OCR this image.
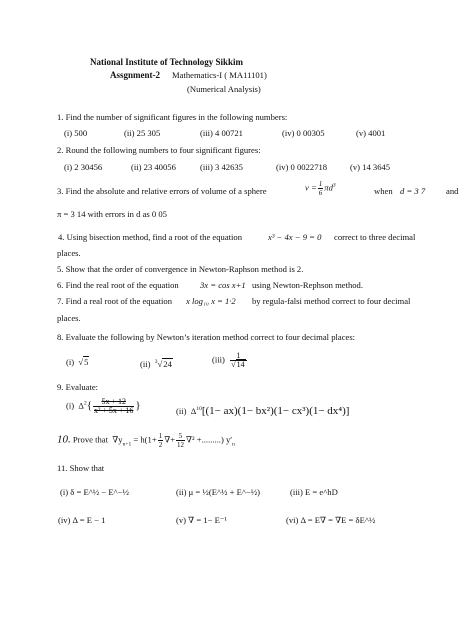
National Institute of Technology Sikkim
Assgnment-2 Mathematics-I ( MA11101)
(Numerical Analysis)
1. Find the number of significant figures in the following numbers:
(i) 500	(ii) 25 305	(iii) 4 00721	(iv) 0 00305	(v) 4001
2. Round the following numbers to four significant figures:
(i) 2 30456	(ii) 23 40056	(iii) 3 42635	(iv) 0 0022718	(v) 14 3645
3. Find the absolute and relative errors of volume of a sphere	$v = \frac{1}{6} \pi d^3$
when d = 3 7 and
π = 3 14 with errors in d as 0 05
4. Using bisection method, find a root of the equation	x³ − 4x − 9 = 0 correct to three decimal
places.
5. Show that the order of convergence in Newton-Raphson method is 2.
6. Find the real root of the equation 3x = cos x+1 using Newton-Rephson method.
7. Find a real root of the equation x log₁₀ x = 1·2 by regula-falsi method correct to four decimal
places.
8. Evaluate the following by Newton’s iteration method correct to four decimal places:
(i)  √5	(ii) $^3$√24	$(iii) \frac{1}{√14}$
9. Evaluate:
(i)  $\Delta^2\{ \frac{5x + 12}{\text{x² + 5x + 16}}$ }	(ii)  $\Delta^{10}[(1- ax)(1- bx^2)(1- cx^3)(1- dx^4)]$
10. Prove that $\nabla y_{n+1} = h(1+ \frac{1}{2}$ ∇+ $\frac{5}{12} \nabla^2$ +.........) $y'_n$
11. Show that
(i) δ = E^½ − E^−½	(ii) μ = ½(E^½ + E^−½)	(iii) E = e^hD
(iv) Δ = E − 1	(v) ∇ = 1− E⁻¹	(vi) Δ = E∇ = ∇E = δE^½
